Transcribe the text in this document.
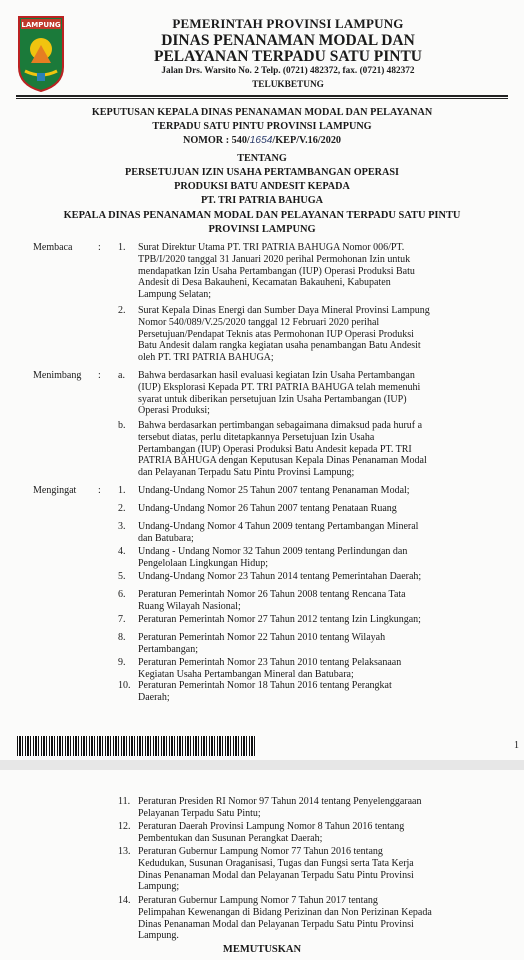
LAMPUNG	PEMERINTAH PROVINSI LAMPUNG
DINAS PENANAMAN MODAL DAN
PELAYANAN TERPADU SATU PINTU
Jalan Drs. Warsito No. 2 Telp. (0721) 482372, fax. (0721) 482372
TELUKBETUNG
KEPUTUSAN KEPALA DINAS PENANAMAN MODAL DAN PELAYANAN
TERPADU SATU PINTU PROVINSI LAMPUNG
NOMOR : 540/1654/KEP/V.16/2020
TENTANG
PERSETUJUAN IZIN USAHA PERTAMBANGAN OPERASI
PRODUKSI BATU ANDESIT KEPADA
PT. TRI PATRIA BAHUGA
KEPALA DINAS PENANAMAN MODAL DAN PELAYANAN TERPADU SATU PINTU
PROVINSI LAMPUNG
Membaca	: 1. Surat Direktur Utama PT. TRI PATRIA BAHUGA Nomor 006/PT.
TPB/I/2020 tanggal 31 Januari 2020 perihal Permohonan Izin untuk
mendapatkan Izin Usaha Pertambangan (IUP) Operasi Produksi Batu
Andesit di Desa Bakauheni, Kecamatan Bakauheni, Kabupaten
Lampung Selatan;
2. Surat Kepala Dinas Energi dan Sumber Daya Mineral Provinsi Lampung
Nomor 540/089/V.25/2020 tanggal 12 Februari 2020 perihal
Persetujuan/Pendapat Teknis atas Permohonan IUP Operasi Produksi
Batu Andesit dalam rangka kegiatan usaha penambangan Batu Andesit
oleh PT. TRI PATRIA BAHUGA;
Menimbang : a. Bahwa berdasarkan hasil evaluasi kegiatan Izin Usaha Pertambangan
(IUP) Eksplorasi Kepada PT. TRI PATRIA BAHUGA telah memenuhi
syarat untuk diberikan persetujuan Izin Usaha Pertambangan (IUP)
Operasi Produksi;
b. Bahwa berdasarkan pertimbangan sebagaimana dimaksud pada huruf a
tersebut diatas, perlu ditetapkannya Persetujuan Izin Usaha
Pertambangan (IUP) Operasi Produksi Batu Andesit kepada PT. TRI
PATRIA BAHUGA dengan Keputusan Kepala Dinas Penanaman Modal
dan Pelayanan Terpadu Satu Pintu Provinsi Lampung;
Mengingat : 1. Undang-Undang Nomor 25 Tahun 2007 tentang Penanaman Modal;
2. Undang-Undang Nomor 26 Tahun 2007 tentang Penataan Ruang
3. Undang-Undang Nomor 4 Tahun 2009 tentang Pertambangan Mineral
dan Batubara;
4. Undang - Undang Nomor 32 Tahun 2009 tentang Perlindungan dan
Pengelolaan Lingkungan Hidup;
5. Undang-Undang Nomor 23 Tahun 2014 tentang Pemerintahan Daerah;
6. Peraturan Pemerintah Nomor 26 Tahun 2008 tentang Rencana Tata
Ruang Wilayah Nasional;
7. Peraturan Pemerintah Nomor 27 Tahun 2012 tentang Izin Lingkungan;
8. Peraturan Pemerintah Nomor 22 Tahun 2010 tentang Wilayah
Pertambangan;
9. Peraturan Pemerintah Nomor 23 Tahun 2010 tentang Pelaksanaan
Kegiatan Usaha Pertambangan Mineral dan Batubara;
10. Peraturan Pemerintah Nomor 18 Tahun 2016 tentang Perangkat
Daerah;
1
11. Peraturan Presiden RI Nomor 97 Tahun 2014 tentang Penyelenggaraan
Pelayanan Terpadu Satu Pintu;
12. Peraturan Daerah Provinsi Lampung Nomor 8 Tahun 2016 tentang
Pembentukan dan Susunan Perangkat Daerah;
13. Peraturan Gubernur Lampung Nomor 77 Tahun 2016 tentang
Kedudukan, Susunan Oraganisasi, Tugas dan Fungsi serta Tata Kerja
Dinas Penanaman Modal dan Pelayanan Terpadu Satu Pintu Provinsi
Lampung;
14. Peraturan Gubernur Lampung Nomor 7 Tahun 2017 tentang
Pelimpahan Kewenangan di Bidang Perizinan dan Non Perizinan Kepada
Dinas Penanaman Modal dan Pelayanan Terpadu Satu Pintu Provinsi
Lampung.
MEMUTUSKAN
